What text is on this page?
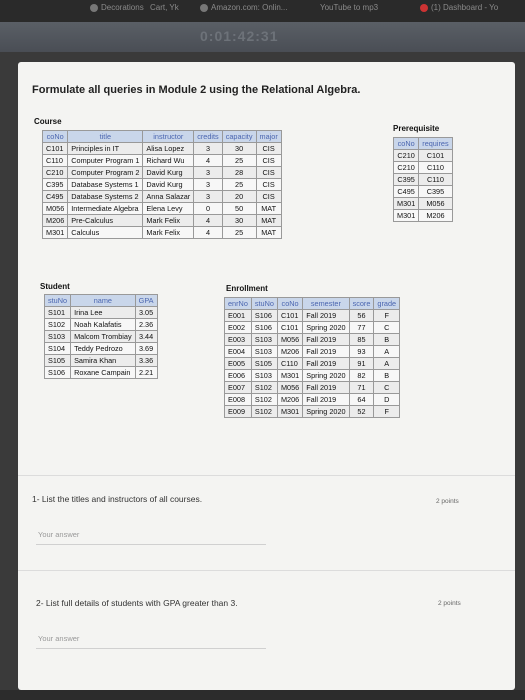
Decorations Cart, Yk	Amazon.com: Onlin...	YouTube to mp3	(1) Dashboard - Yo
0:01:42:31
Formulate all queries in Module 2 using the Relational Algebra.
Course
coNo	title	instructor	credits	capacity	major
C101	Principles in IT	Alisa Lopez	3	30	CIS
C110	Computer Program 1	Richard Wu	4	25	CIS
C210	Computer Program 2	David Kurg	3	28	CIS
C395	Database Systems 1	David Kurg	3	25	CIS
C495	Database Systems 2	Anna Salazar	3	20	CIS
M056	Intermediate Algebra	Elena Levy	0	50	MAT
M206	Pre-Calculus	Mark Felix	4	30	MAT
M301	Calculus	Mark Felix	4	25	MAT
Prerequisite
coNo	requires
C210	C101
C210	C110
C395	C110
C495	C395
M301	M056
M301	M206
Student
stuNo	name	GPA
S101	Irina Lee	3.05
S102	Noah Kalafatis	2.36
S103	Malcom Trombiay	3.44
S104	Teddy Pedrozo	3.69
S105	Samira Khan	3.36
S106	Roxane Campain	2.21
Enrollment
enrNo	stuNo	coNo	semester	score	grade
E001	S106	C101	Fall 2019	56	F
E002	S106	C101	Spring 2020	77	C
E003	S103	M056	Fall 2019	85	B
E004	S103	M206	Fall 2019	93	A
E005	S105	C110	Fall 2019	91	A
E006	S103	M301	Spring 2020	82	B
E007	S102	M056	Fall 2019	71	C
E008	S102	M206	Fall 2019	64	D
E009	S102	M301	Spring 2020	52	F
1- List the titles and instructors of all courses.	2 points
Your answer
2- List full details of students with GPA greater than 3.	2 points
Your answer
